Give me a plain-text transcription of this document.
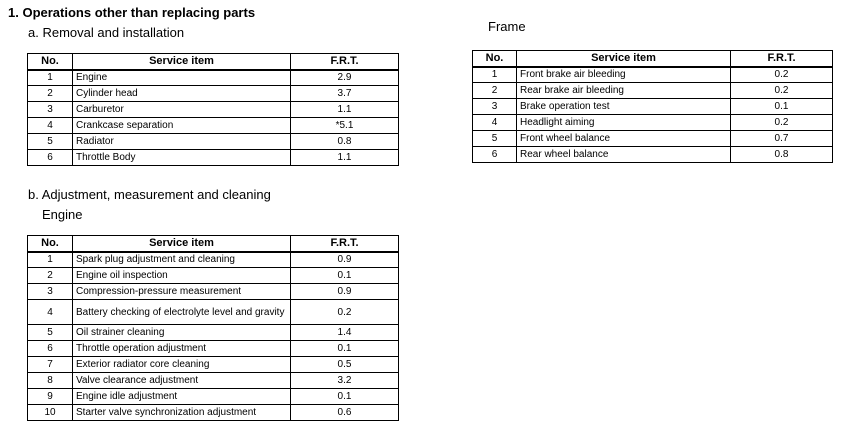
1. Operations other than replacing parts
a. Removal and installation
No.	Service item	F.R.T.
1	Engine	2.9
2	Cylinder head	3.7
3	Carburetor	1.1
4	Crankcase separation	*5.1
5	Radiator	0.8
6	Throttle Body	1.1
b. Adjustment, measurement and cleaning
Engine
No.	Service item	F.R.T.
1	Spark plug adjustment and cleaning	0.9
2	Engine oil inspection	0.1
3	Compression-pressure measurement	0.9
4	Battery checking of electrolyte level and gravity	0.2
5	Oil strainer cleaning	1.4
6	Throttle operation adjustment	0.1
7	Exterior radiator core cleaning	0.5
8	Valve clearance adjustment	3.2
9	Engine idle adjustment	0.1
10	Starter valve synchronization adjustment	0.6
Frame
No.	Service item	F.R.T.
1	Front brake air bleeding	0.2
2	Rear brake air bleeding	0.2
3	Brake operation test	0.1
4	Headlight aiming	0.2
5	Front wheel balance	0.7
6	Rear wheel balance	0.8
